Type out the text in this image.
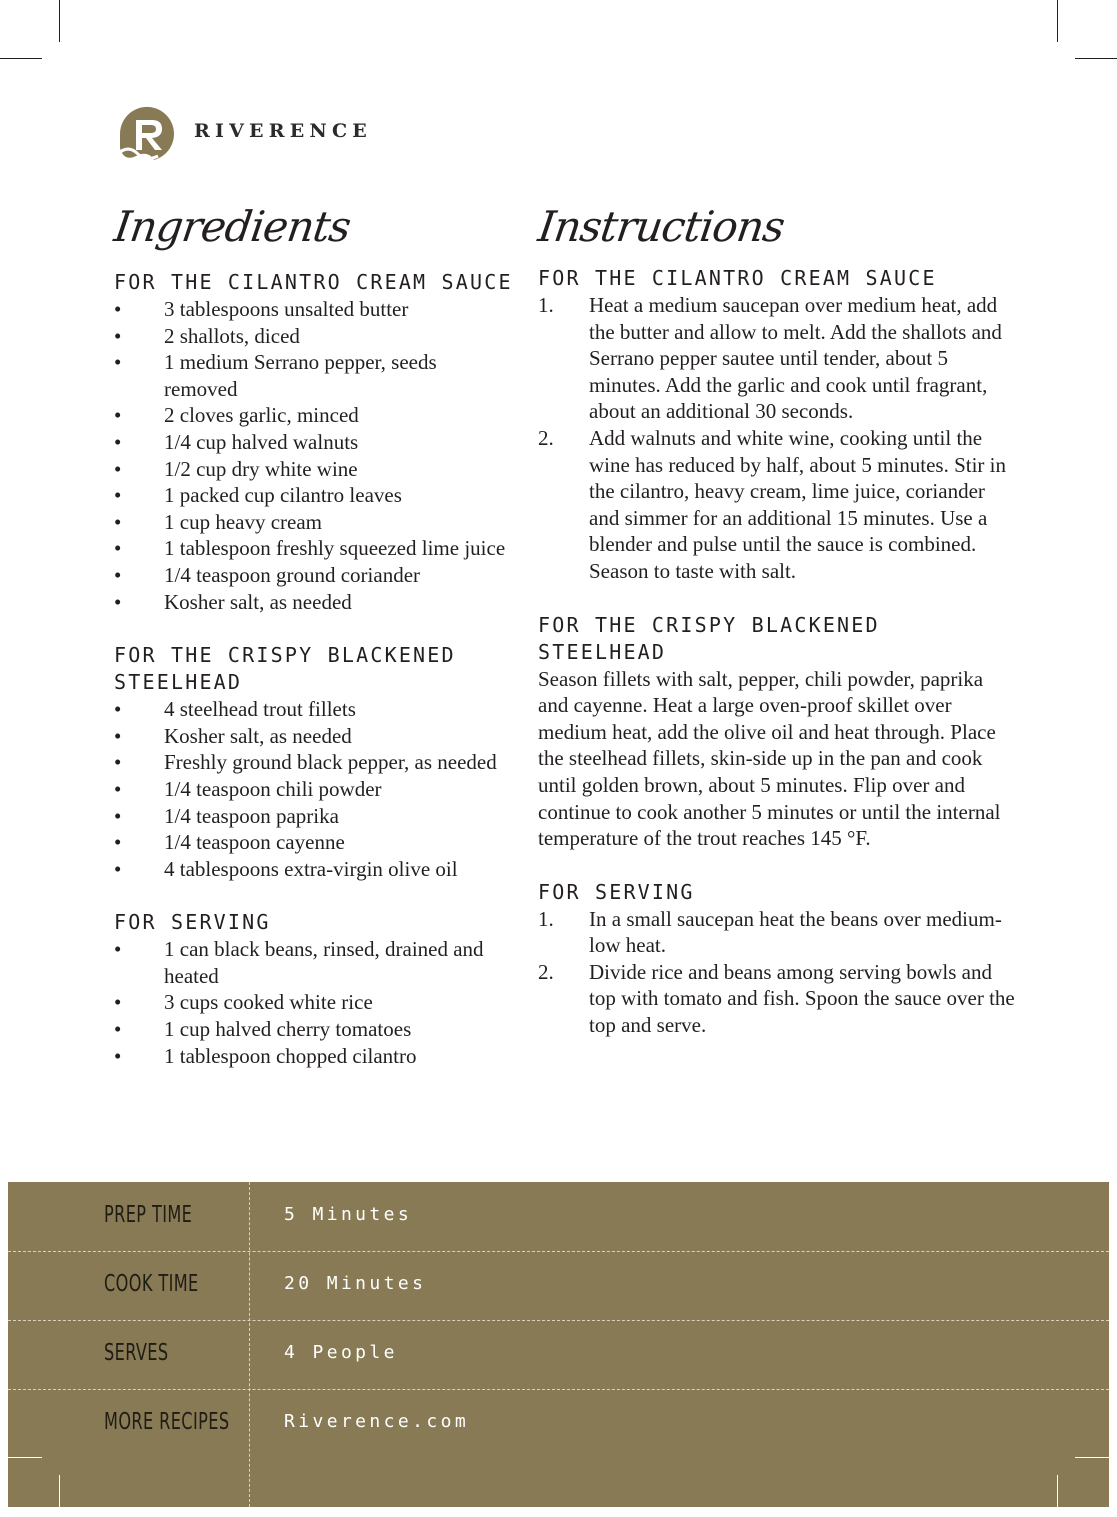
RIVERENCE
Ingredients
FOR THE CILANTRO CREAM SAUCE
• 3 tablespoons unsalted butter
• 2 shallots, diced
• 1 medium Serrano pepper, seeds removed
• 2 cloves garlic, minced
• 1/4 cup halved walnuts
• 1/2 cup dry white wine
• 1 packed cup cilantro leaves
• 1 cup heavy cream
• 1 tablespoon freshly squeezed lime juice
• 1/4 teaspoon ground coriander
• Kosher salt, as needed
FOR THE CRISPY BLACKENED STEELHEAD
• 4 steelhead trout fillets
• Kosher salt, as needed
• Freshly ground black pepper, as needed
• 1/4 teaspoon chili powder
• 1/4 teaspoon paprika
• 1/4 teaspoon cayenne
• 4 tablespoons extra-virgin olive oil
FOR SERVING
• 1 can black beans, rinsed, drained and heated
• 3 cups cooked white rice
• 1 cup halved cherry tomatoes
• 1 tablespoon chopped cilantro
Instructions
FOR THE CILANTRO CREAM SAUCE
1. Heat a medium saucepan over medium heat, add the butter and allow to melt. Add the shallots and Serrano pepper sautee until tender, about 5 minutes. Add the garlic and cook until fragrant, about an additional 30 seconds.
2. Add walnuts and white wine, cooking until the wine has reduced by half, about 5 minutes. Stir in the cilantro, heavy cream, lime juice, coriander and simmer for an additional 15 minutes. Use a blender and pulse until the sauce is combined. Season to taste with salt.
FOR THE CRISPY BLACKENED STEELHEAD

Season fillets with salt, pepper, chili powder, paprika and cayenne. Heat a large oven-proof skillet over medium heat, add the olive oil and heat through. Place the steelhead fillets, skin-side up in the pan and cook until golden brown, about 5 minutes. Flip over and continue to cook another 5 minutes or until the internal temperature of the trout reaches 145 °F.

FOR SERVING
1. In a small saucepan heat the beans over medium-low heat.
2. Divide rice and beans among serving bowls and top with tomato and fish. Spoon the sauce over the top and serve.
PREP TIME	5 Minutes
COOK TIME	20 Minutes
SERVES	4 People
MORE RECIPES	Riverence.com
